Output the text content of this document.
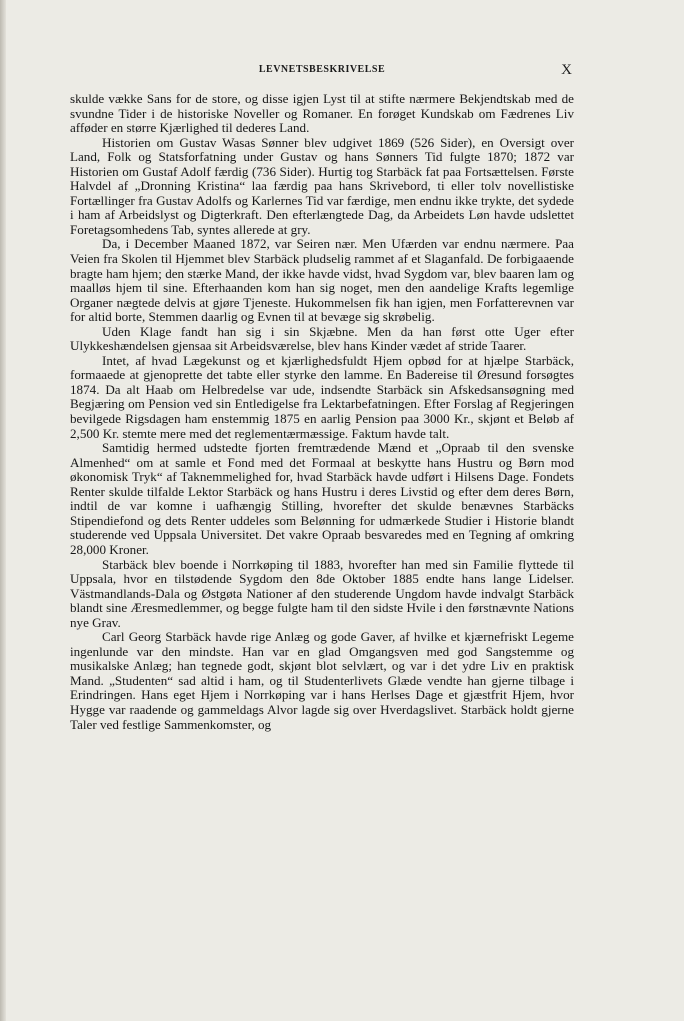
LEVNETSBESKRIVELSE	X

skulde vække Sans for de store, og disse igjen Lyst til at stifte nærmere Bekjendtskab med de svundne Tider i de historiske Noveller og Romaner. En forøget Kundskab om Fædrenes Liv afføder en større Kjærlighed til dederes Land.

Historien om Gustav Wasas Sønner blev udgivet 1869 (526 Sider), en Oversigt over Land, Folk og Statsforfatning under Gustav og hans Sønners Tid fulgte 1870; 1872 var Historien om Gustaf Adolf færdig (736 Sider). Hurtig tog Starbäck fat paa Fortsættelsen. Første Halvdel af „Dronning Kristina“ laa færdig paa hans Skrivebord, ti eller tolv novellistiske Fortællinger fra Gustav Adolfs og Karlernes Tid var færdige, men endnu ikke trykte, det sydede i ham af Arbeidslyst og Digterkraft. Den efterlængtede Dag, da Arbeidets Løn havde udslettet Foretagsomhedens Tab, syntes allerede at gry.

Da, i December Maaned 1872, var Seiren nær. Men Ufærden var endnu nærmere. Paa Veien fra Skolen til Hjemmet blev Starbäck pludselig rammet af et Slaganfald. De forbigaaende bragte ham hjem; den stærke Mand, der ikke havde vidst, hvad Sygdom var, blev baaren lam og maalløs hjem til sine. Efterhaanden kom han sig noget, men den aandelige Krafts legemlige Organer nægtede delvis at gjøre Tjeneste. Hukommelsen fik han igjen, men Forfatterevnen var for altid borte, Stemmen daarlig og Evnen til at bevæge sig skrøbelig.

Uden Klage fandt han sig i sin Skjæbne. Men da han først otte Uger efter Ulykkeshændelsen gjensaa sit Arbeidsværelse, blev hans Kinder vædet af stride Taarer.

Intet, af hvad Lægekunst og et kjærlighedsfuldt Hjem opbød for at hjælpe Starbäck, formaaede at gjenoprette det tabte eller styrke den lamme. En Badereise til Øresund forsøgtes 1874. Da alt Haab om Helbredelse var ude, indsendte Starbäck sin Afskedsansøgning med Begjæring om Pension ved sin Entledigelse fra Lektarbefatningen. Efter Forslag af Regjeringen bevilgede Rigsdagen ham enstemmig 1875 en aarlig Pension paa 3000 Kr., skjønt et Beløb af 2,500 Kr. stemte mere med det reglementærmæssige. Faktum havde talt.

Samtidig hermed udstedte fjorten fremtrædende Mænd et „Opraab til den svenske Almenhed“ om at samle et Fond med det Formaal at beskytte hans Hustru og Børn mod økonomisk Tryk“ af Taknemmelighed for, hvad Starbäck havde udført i Hilsens Dage. Fondets Renter skulde tilfalde Lektor Starbäck og hans Hustru i deres Livstid og efter dem deres Børn, indtil de var komne i uafhængig Stilling, hvorefter det skulde benævnes Starbäcks Stipendiefond og dets Renter uddeles som Belønning for udmærkede Studier i Historie blandt studerende ved Uppsala Universitet. Det vakre Opraab besvaredes med en Tegning af omkring 28,000 Kroner.

Starbäck blev boende i Norrkøping til 1883, hvorefter han med sin Familie flyttede til Uppsala, hvor en tilstødende Sygdom den 8de Oktober 1885 endte hans lange Lidelser. Västmandlands-Dala og Østgøta Nationer af den studerende Ungdom havde indvalgt Starbäck blandt sine Æresmedlemmer, og begge fulgte ham til den sidste Hvile i den førstnævnte Nations nye Grav.

Carl Georg Starbäck havde rige Anlæg og gode Gaver, af hvilke et kjærnefriskt Legeme ingenlunde var den mindste. Han var en glad Omgangsven med god Sangstemme og musikalske Anlæg; han tegnede godt, skjønt blot selvlært, og var i det ydre Liv en praktisk Mand. „Studenten“ sad altid i ham, og til Studenterlivets Glæde vendte han gjerne tilbage i Erindringen. Hans eget Hjem i Norrkøping var i hans Herlses Dage et gjæstfrit Hjem, hvor Hygge var raadende og gammeldags Alvor lagde sig over Hverdagslivet. Starbäck holdt gjerne Taler ved festlige Sammenkomster, og
